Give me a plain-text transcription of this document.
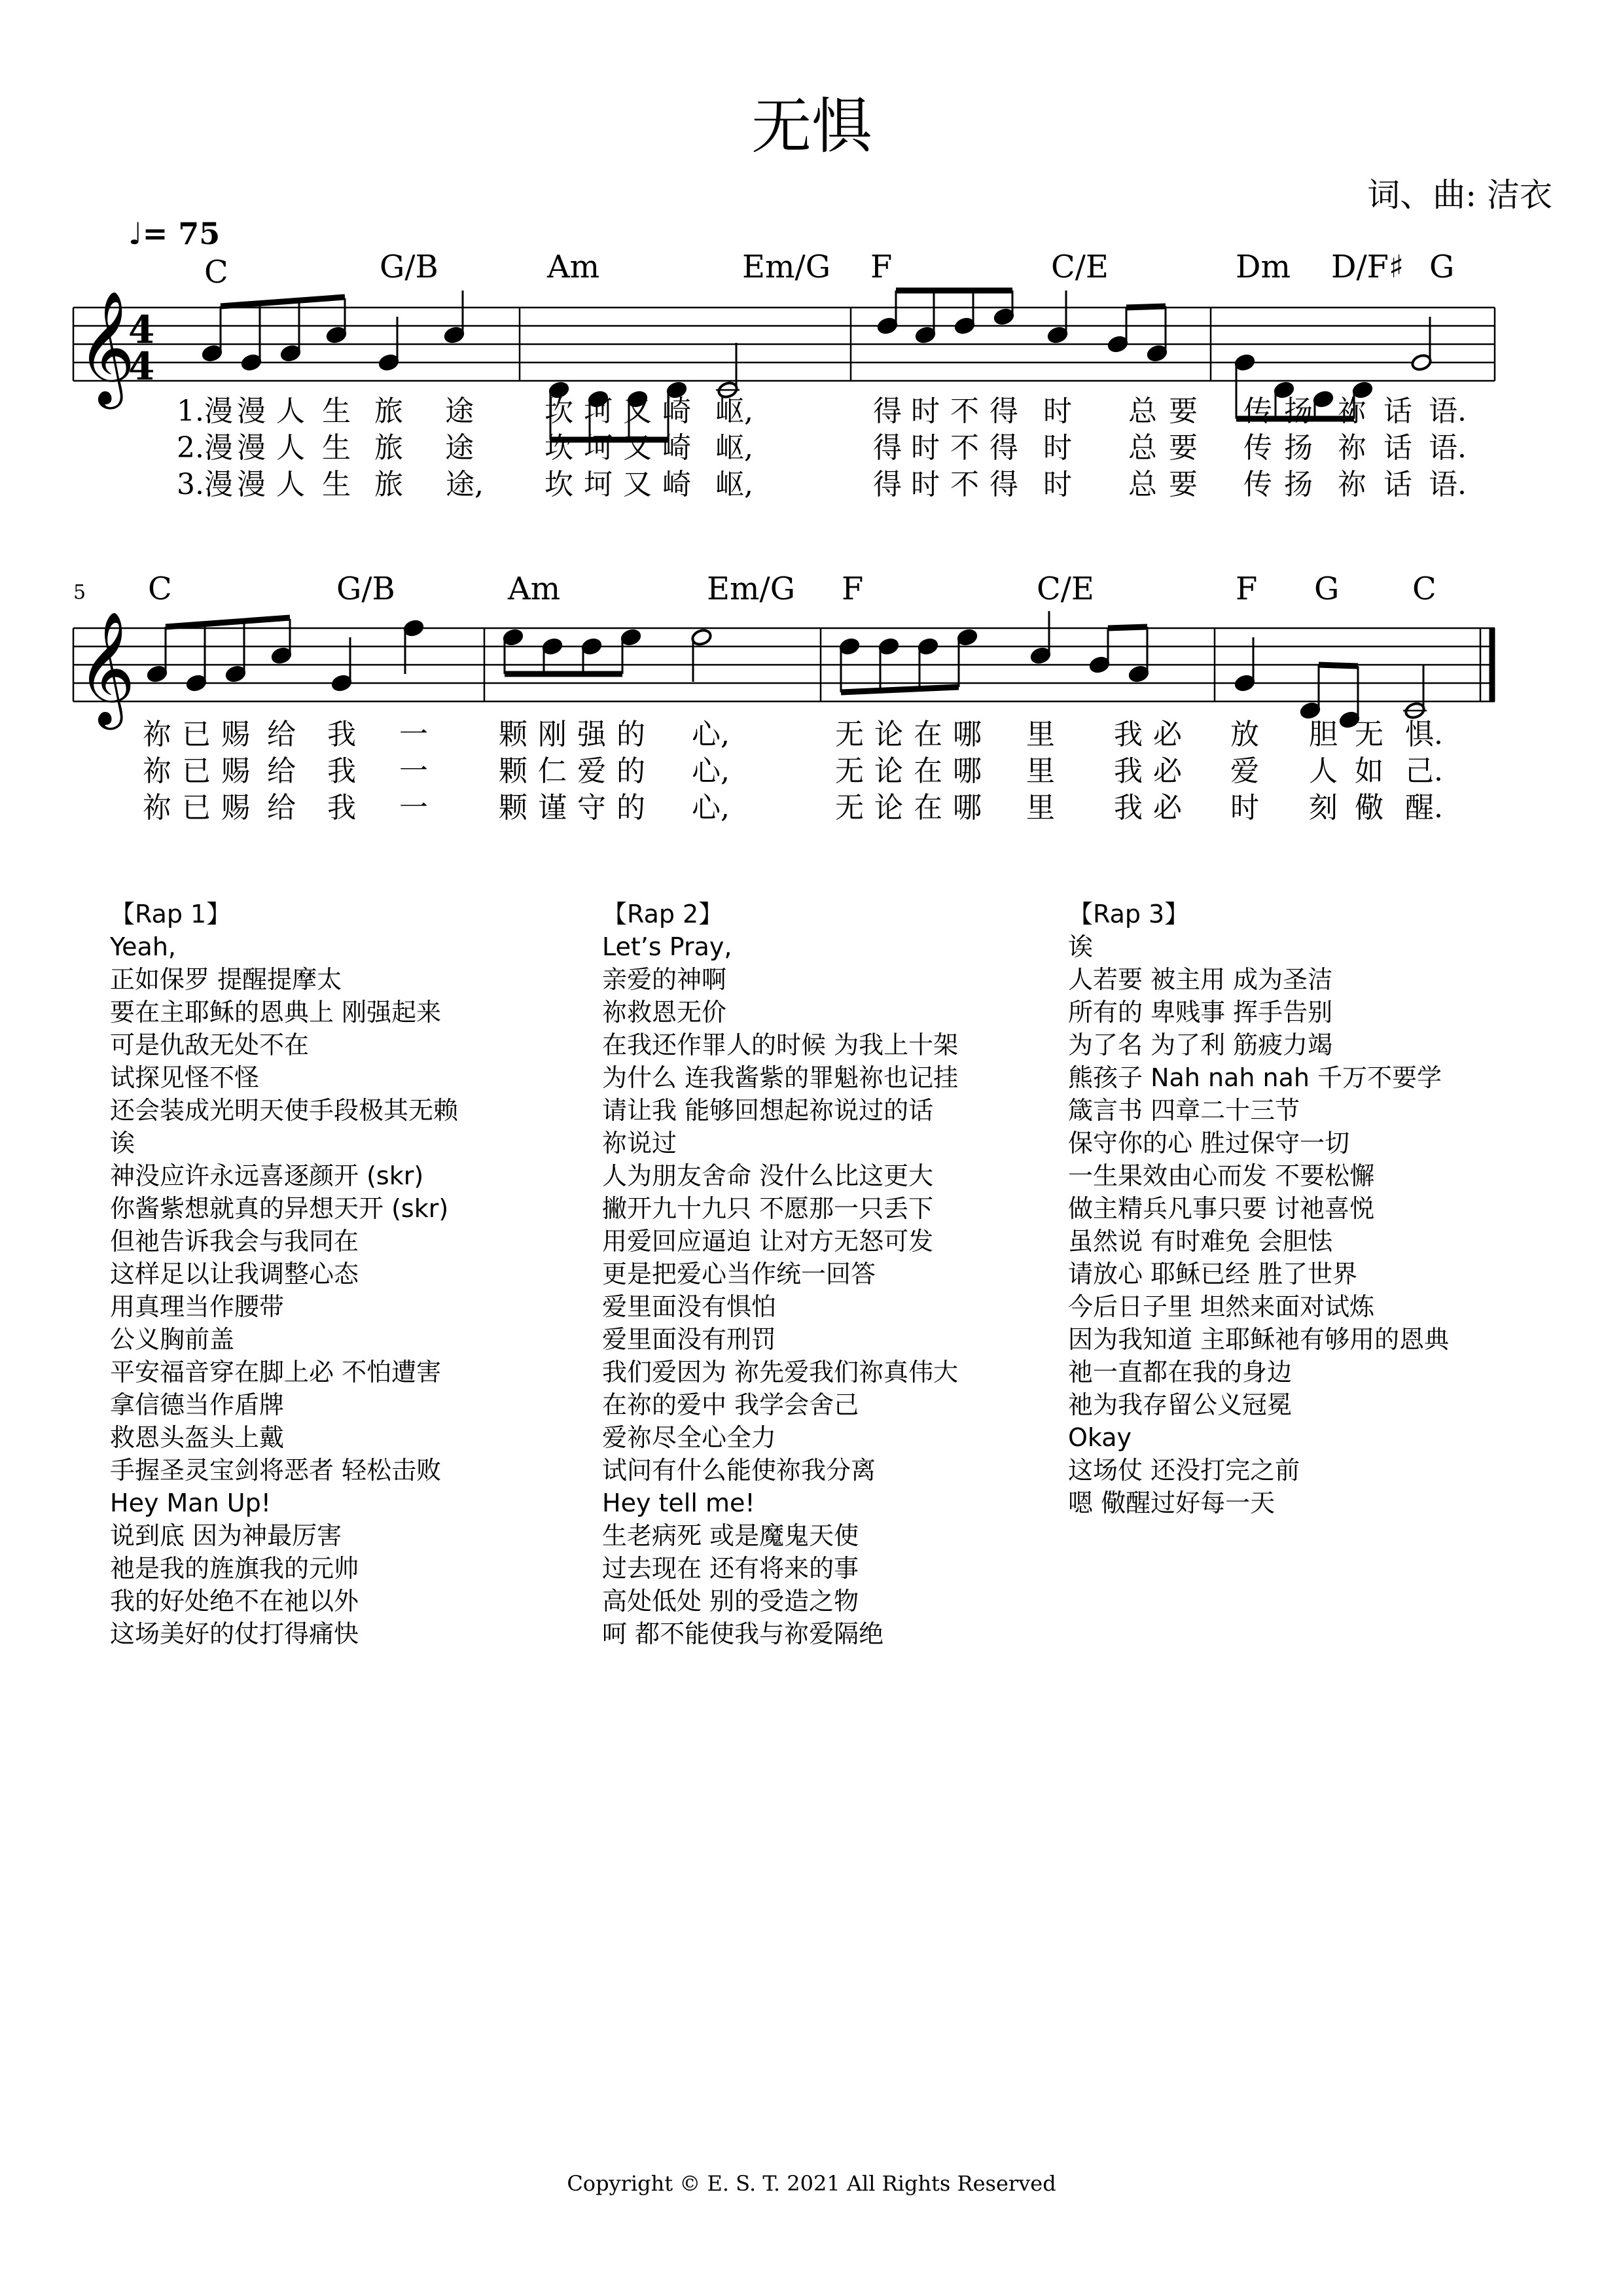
无惧
词、曲: 洁衣
♩= 75
C	G/B	Am	Em/G F	C/E	Dm D/F♯ G
𝄞
4
4
1.漫 漫 人 生 旅 途 坎 坷 又 崎 岖,	得 时 不 得 时 总 要 传 扬 祢 话 语.
2.漫 漫 人 生 旅 途 坎 坷 又 崎 岖,	得 时 不 得 时 总 要 传 扬 祢 话 语.
3.漫 漫 人 生 旅 途, 坎 坷 又 崎 岖,	得 时 不 得 时 总 要 传 扬 祢 话 语.
5 C	G/B	Am	Em/G F	C/E	F G C
𝄞
祢 已 赐 给 我 一 颗 刚 强 的 心,	无 论 在 哪 里 我 必 放 胆 无 惧.
祢 已 赐 给 我 一 颗 仁 爱 的 心,	无 论 在 哪 里 我 必 爱 人 如 己.
祢 已 赐 给 我 一 颗 谨 守 的 心,	无 论 在 哪 里 我 必 时 刻 儆 醒.
【Rap 1】
Yeah,
正如保罗 提醒提摩太
要在主耶稣的恩典上 刚强起来
可是仇敌无处不在
试探见怪不怪
还会装成光明天使手段极其无赖
诶
神没应许永远喜逐颜开 (skr)
你酱紫想就真的异想天开 (skr)
但祂告诉我会与我同在
这样足以让我调整心态
用真理当作腰带
公义胸前盖
平安福音穿在脚上必 不怕遭害
拿信德当作盾牌
救恩头盔头上戴
手握圣灵宝剑将恶者 轻松击败
Hey Man Up!
说到底 因为神最厉害
祂是我的旌旗我的元帅
我的好处绝不在祂以外
这场美好的仗打得痛快
【Rap 2】
Let’s Pray,
亲爱的神啊
祢救恩无价
在我还作罪人的时候 为我上十架
为什么 连我酱紫的罪魁祢也记挂
请让我 能够回想起祢说过的话
祢说过
人为朋友舍命 没什么比这更大
撇开九十九只 不愿那一只丢下
用爱回应逼迫 让对方无怒可发
更是把爱心当作统一回答
爱里面没有惧怕
爱里面没有刑罚
我们爱因为 祢先爱我们祢真伟大
在祢的爱中 我学会舍己
爱祢尽全心全力
试问有什么能使祢我分离
Hey tell me!
生老病死 或是魔鬼天使
过去现在 还有将来的事
高处低处 别的受造之物
呵 都不能使我与祢爱隔绝
【Rap 3】
诶
人若要 被主用 成为圣洁
所有的 卑贱事 挥手告别
为了名 为了利 筋疲力竭
熊孩子 Nah nah nah 千万不要学
箴言书 四章二十三节
保守你的心 胜过保守一切
一生果效由心而发 不要松懈
做主精兵凡事只要 讨祂喜悦
虽然说 有时难免 会胆怯
请放心 耶稣已经 胜了世界
今后日子里 坦然来面对试炼
因为我知道 主耶稣祂有够用的恩典
祂一直都在我的身边
祂为我存留公义冠冕
Okay
这场仗 还没打完之前
嗯 儆醒过好每一天
Copyright © E. S. T. 2021 All Rights Reserved
